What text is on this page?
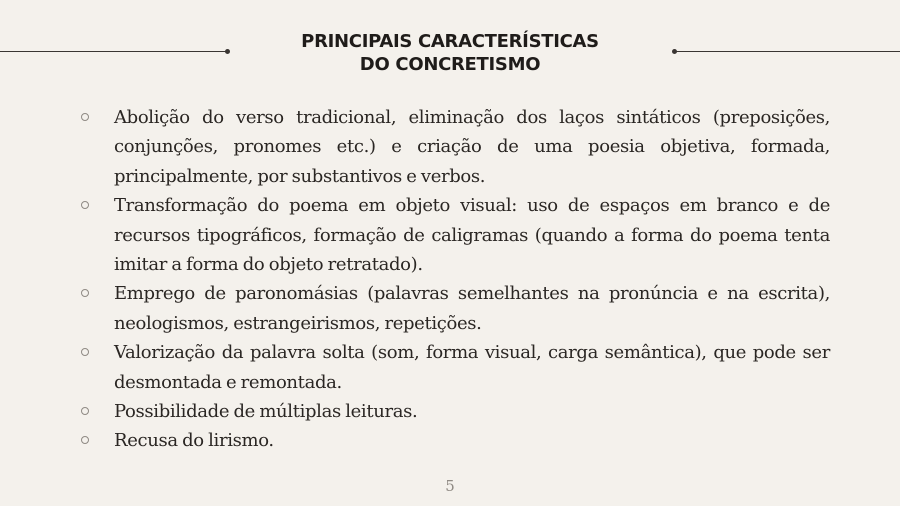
PRINCIPAIS CARACTERÍSTICAS
DO CONCRETISMO
Abolição do verso tradicional, eliminação dos laços sintáticos (preposições, conjunções, pronomes etc.) e criação de uma poesia objetiva, formada, principalmente, por substantivos e verbos.
Transformação do poema em objeto visual: uso de espaços em branco e de recursos tipográficos, formação de caligramas (quando a forma do poema tenta imitar a forma do objeto retratado).
Emprego de paronomásias (palavras semelhantes na pronúncia e na escrita), neologismos, estrangeirismos, repetições.
Valorização da palavra solta (som, forma visual, carga semântica), que pode ser desmontada e remontada.
Possibilidade de múltiplas leituras.
Recusa do lirismo.
5
